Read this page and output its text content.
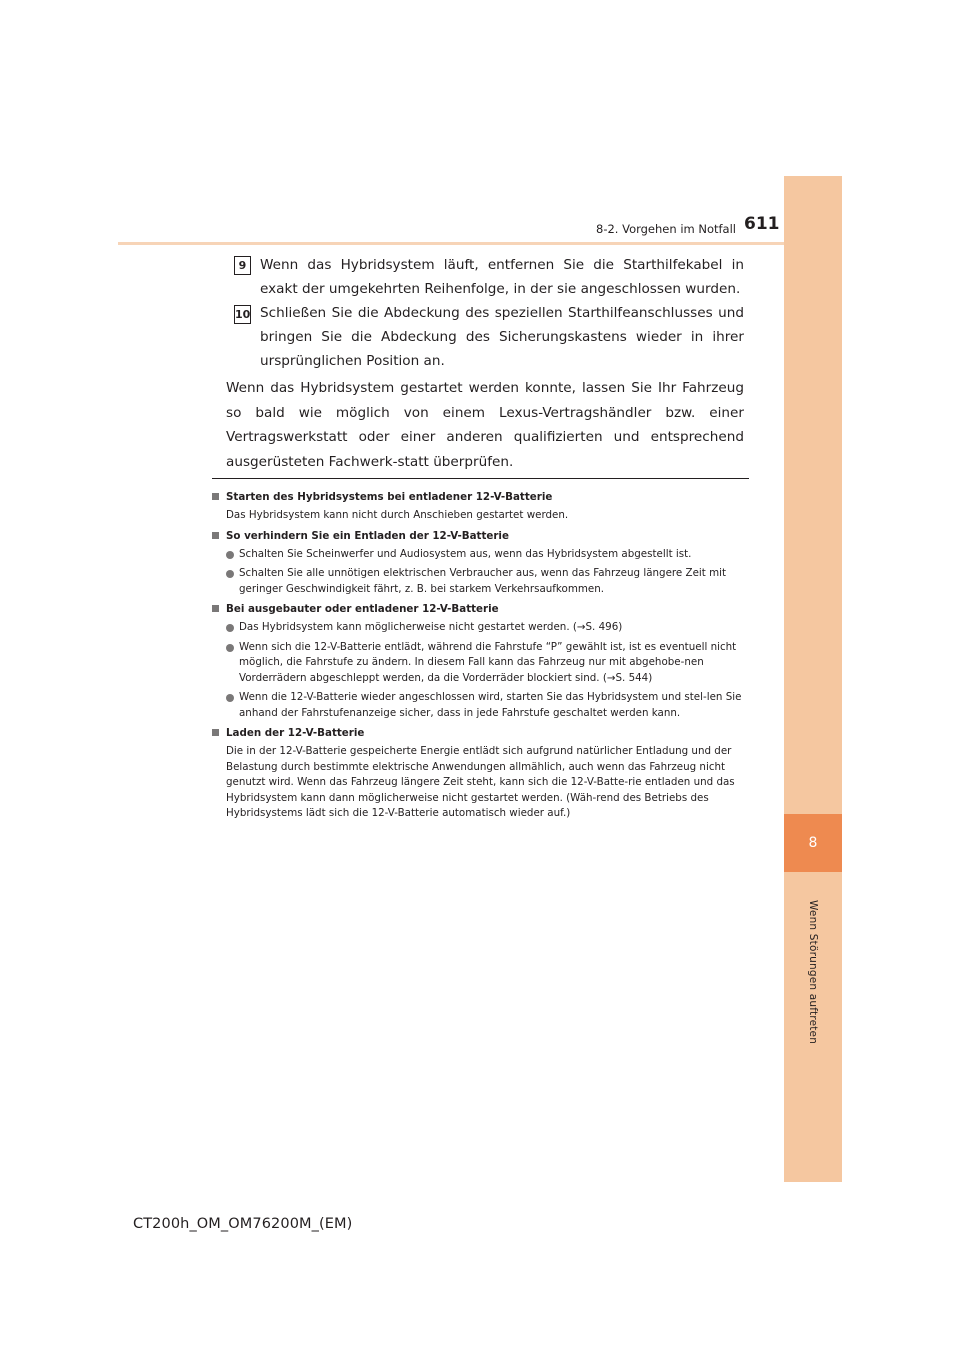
8
Wenn Störungen auftreten
8-2. Vorgehen im Notfall 611
9	Wenn das Hybridsystem läuft, entfernen Sie die Starthilfekabel in exakt der umgekehrten Reihenfolge, in der sie angeschlossen wurden.
10 Schließen Sie die Abdeckung des speziellen Starthilfeanschlusses und bringen Sie die Abdeckung des Sicherungskastens wieder in ihrer ursprünglichen Position an.
Wenn das Hybridsystem gestartet werden konnte, lassen Sie Ihr Fahrzeug so bald wie möglich von einem Lexus-Vertragshändler bzw. einer Vertragswerkstatt oder einer anderen qualifizierten und entsprechend ausgerüsteten Fachwerk-statt überprüfen.
Starten des Hybridsystems bei entladener 12-V-Batterie
Das Hybridsystem kann nicht durch Anschieben gestartet werden.
So verhindern Sie ein Entladen der 12-V-Batterie
Schalten Sie Scheinwerfer und Audiosystem aus, wenn das Hybridsystem abgestellt ist.
Schalten Sie alle unnötigen elektrischen Verbraucher aus, wenn das Fahrzeug längere Zeit mit geringer Geschwindigkeit fährt, z. B. bei starkem Verkehrsaufkommen.
Bei ausgebauter oder entladener 12-V-Batterie
Das Hybridsystem kann möglicherweise nicht gestartet werden. (→S. 496)
Wenn sich die 12-V-Batterie entlädt, während die Fahrstufe “P” gewählt ist, ist es eventuell nicht möglich, die Fahrstufe zu ändern. In diesem Fall kann das Fahrzeug nur mit abgehobe-nen Vorderrädern abgeschleppt werden, da die Vorderräder blockiert sind. (→S. 544)
Wenn die 12-V-Batterie wieder angeschlossen wird, starten Sie das Hybridsystem und stel-len Sie anhand der Fahrstufenanzeige sicher, dass in jede Fahrstufe geschaltet werden kann.
Laden der 12-V-Batterie
Die in der 12-V-Batterie gespeicherte Energie entlädt sich aufgrund natürlicher Entladung und der Belastung durch bestimmte elektrische Anwendungen allmählich, auch wenn das Fahrzeug nicht genutzt wird. Wenn das Fahrzeug längere Zeit steht, kann sich die 12-V-Batte-rie entladen und das Hybridsystem kann dann möglicherweise nicht gestartet werden. (Wäh-rend des Betriebs des Hybridsystems lädt sich die 12-V-Batterie automatisch wieder auf.)
CT200h_OM_OM76200M_(EM)
